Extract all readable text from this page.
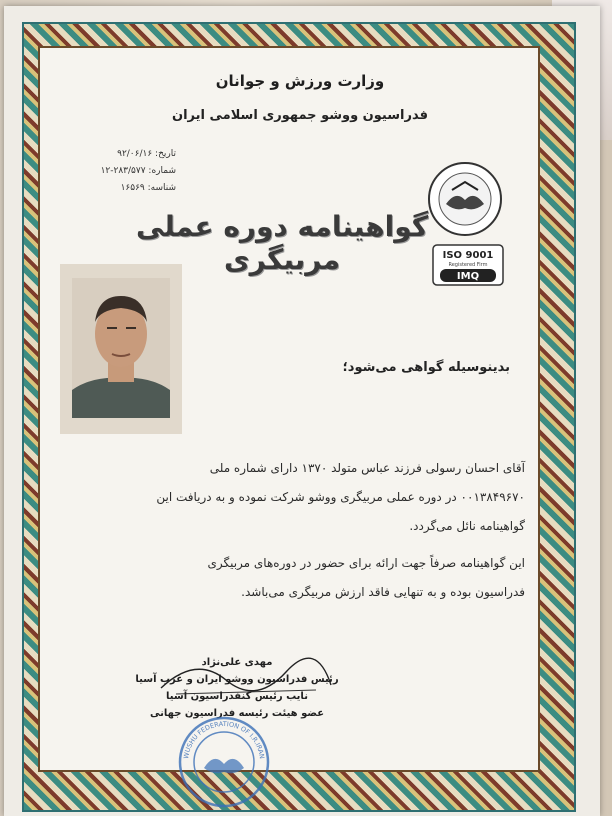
وزارت ورزش و جوانان
فدراسیون ووشو جمهوری اسلامی ایران
تاریخ: ۹۲/۰۶/۱۶
شماره: ۲۸۳/۵۷۷-۱۲
شناسه: ۱۶۵۶۹
ISO 9001
Registered Firm
IMQ
گواهینامه دوره عملی مربیگری
بدینوسیله گواهی می‌شود؛

آقای احسان رسولی فرزند عباس متولد ۱۳۷۰ دارای شماره ملی

۰۰۱۳۸۴۹۶۷۰ در دوره عملی مربیگری ووشو شرکت نموده و به دریافت این

گواهینامه نائل می‌گردد.

این گواهینامه صرفاً جهت ارائه برای حضور در دوره‌های مربیگری

فدراسیون بوده و به تنهایی فاقد ارزش مربیگری می‌باشد.

مهدی علی‌نژاد
رئیس فدراسیون ووشو ایران و غرب آسیا
نایب رئیس کنفدراسیون آسیا
عضو هیئت رئیسه فدراسیون جهانی
WUSHU FEDERATION OF I.R.IRAN
